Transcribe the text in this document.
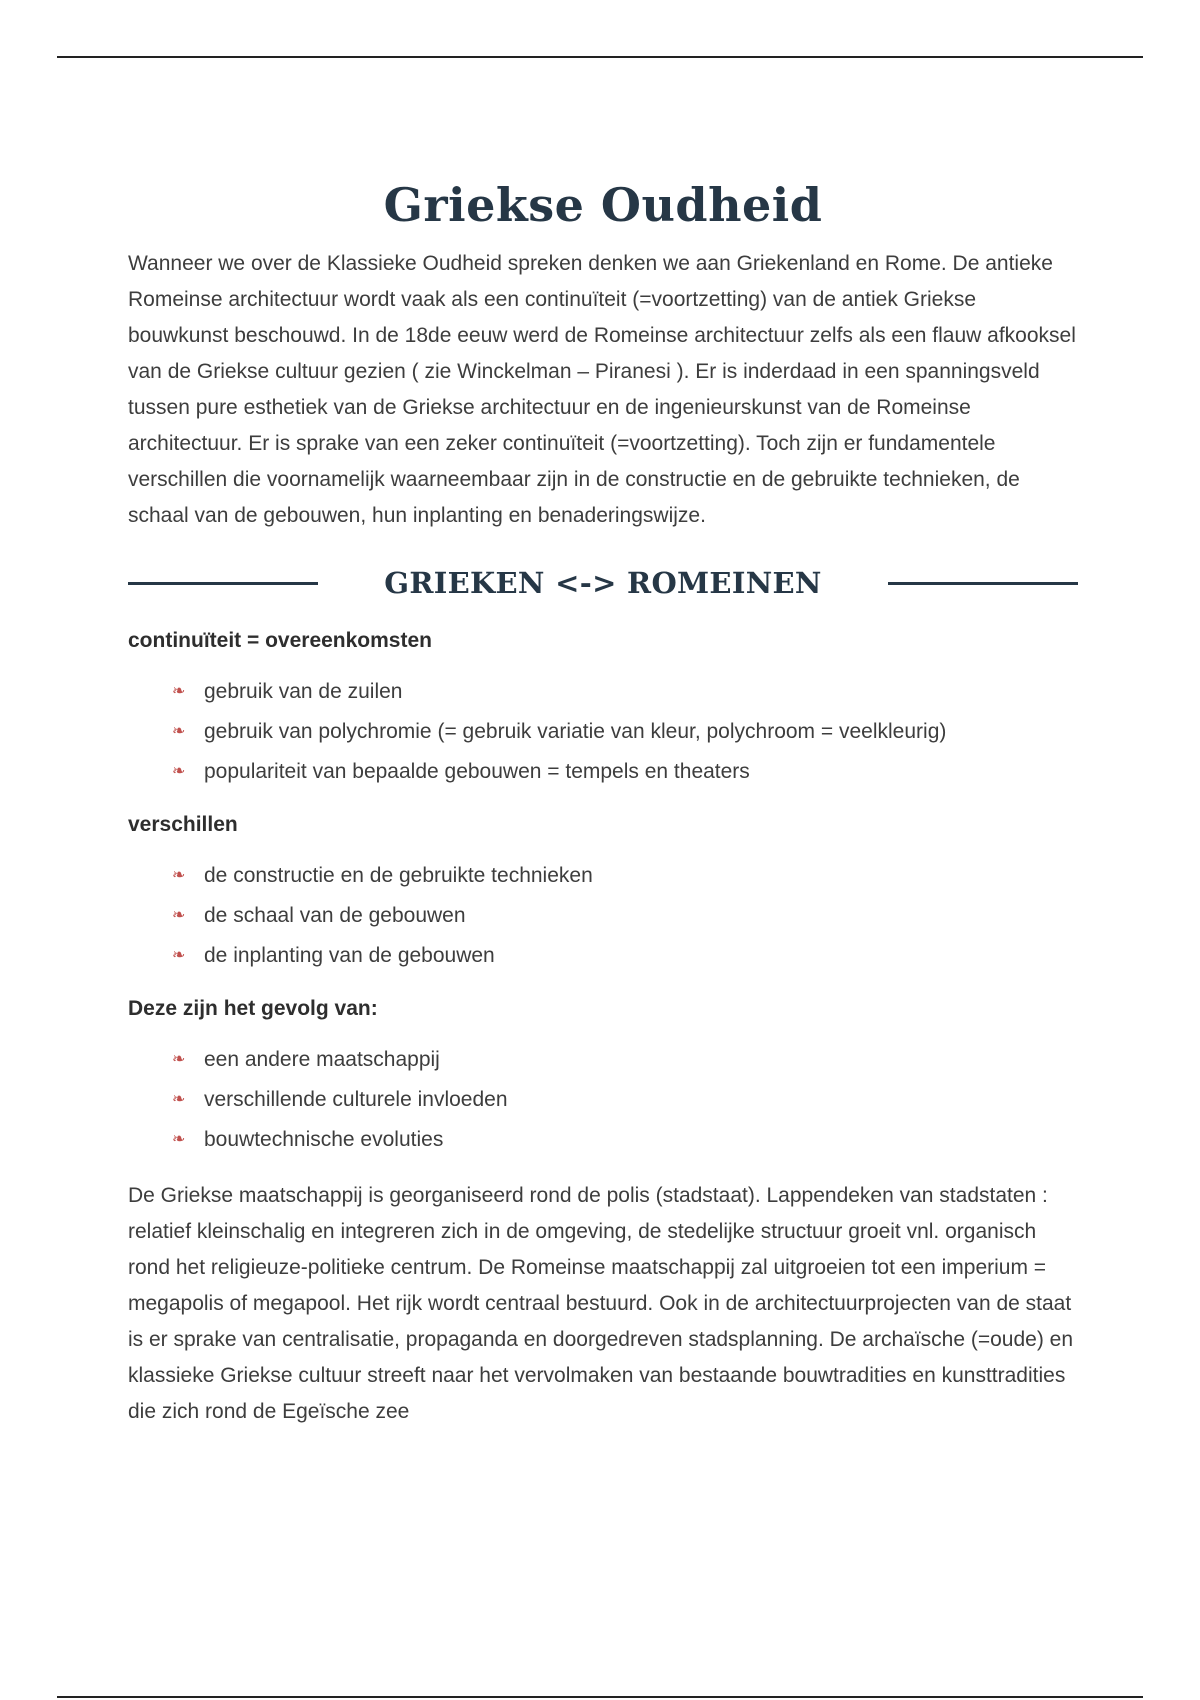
Griekse Oudheid

Wanneer we over de Klassieke Oudheid spreken denken we aan Griekenland en Rome. De antieke Romeinse architectuur wordt vaak als een continuïteit (=voortzetting) van de antiek Griekse bouwkunst beschouwd. In de 18de eeuw werd de Romeinse architectuur zelfs als een flauw afkooksel van de Griekse cultuur gezien ( zie Winckelman – Piranesi ). Er is inderdaad in een spanningsveld tussen pure esthetiek van de Griekse architectuur en de ingenieurskunst van de Romeinse architectuur. Er is sprake van een zeker continuïteit (=voortzetting). Toch zijn er fundamentele verschillen die voornamelijk waarneembaar zijn in de constructie en de gebruikte technieken, de schaal van de gebouwen, hun inplanting en benaderingswijze.

GRIEKEN <-> ROMEINEN
continuïteit = overeenkomsten
❧ gebruik van de zuilen
❧ gebruik van polychromie (= gebruik variatie van kleur, polychroom = veelkleurig)
❧ populariteit van bepaalde gebouwen = tempels en theaters
verschillen
❧ de constructie en de gebruikte technieken
❧ de schaal van de gebouwen
❧ de inplanting van de gebouwen
Deze zijn het gevolg van:
❧ een andere maatschappij
❧ verschillende culturele invloeden
❧ bouwtechnische evoluties

De Griekse maatschappij is georganiseerd rond de polis (stadstaat). Lappendeken van stadstaten : relatief kleinschalig en integreren zich in de omgeving, de stedelijke structuur groeit vnl. organisch rond het religieuze-politieke centrum. De Romeinse maatschappij zal uitgroeien tot een imperium = megapolis of megapool. Het rijk wordt centraal bestuurd. Ook in de architectuurprojecten van de staat is er sprake van centralisatie, propaganda en doorgedreven stadsplanning. De archaïsche (=oude) en klassieke Griekse cultuur streeft naar het vervolmaken van bestaande bouwtradities en kunsttradities die zich rond de Egeïsche zee
